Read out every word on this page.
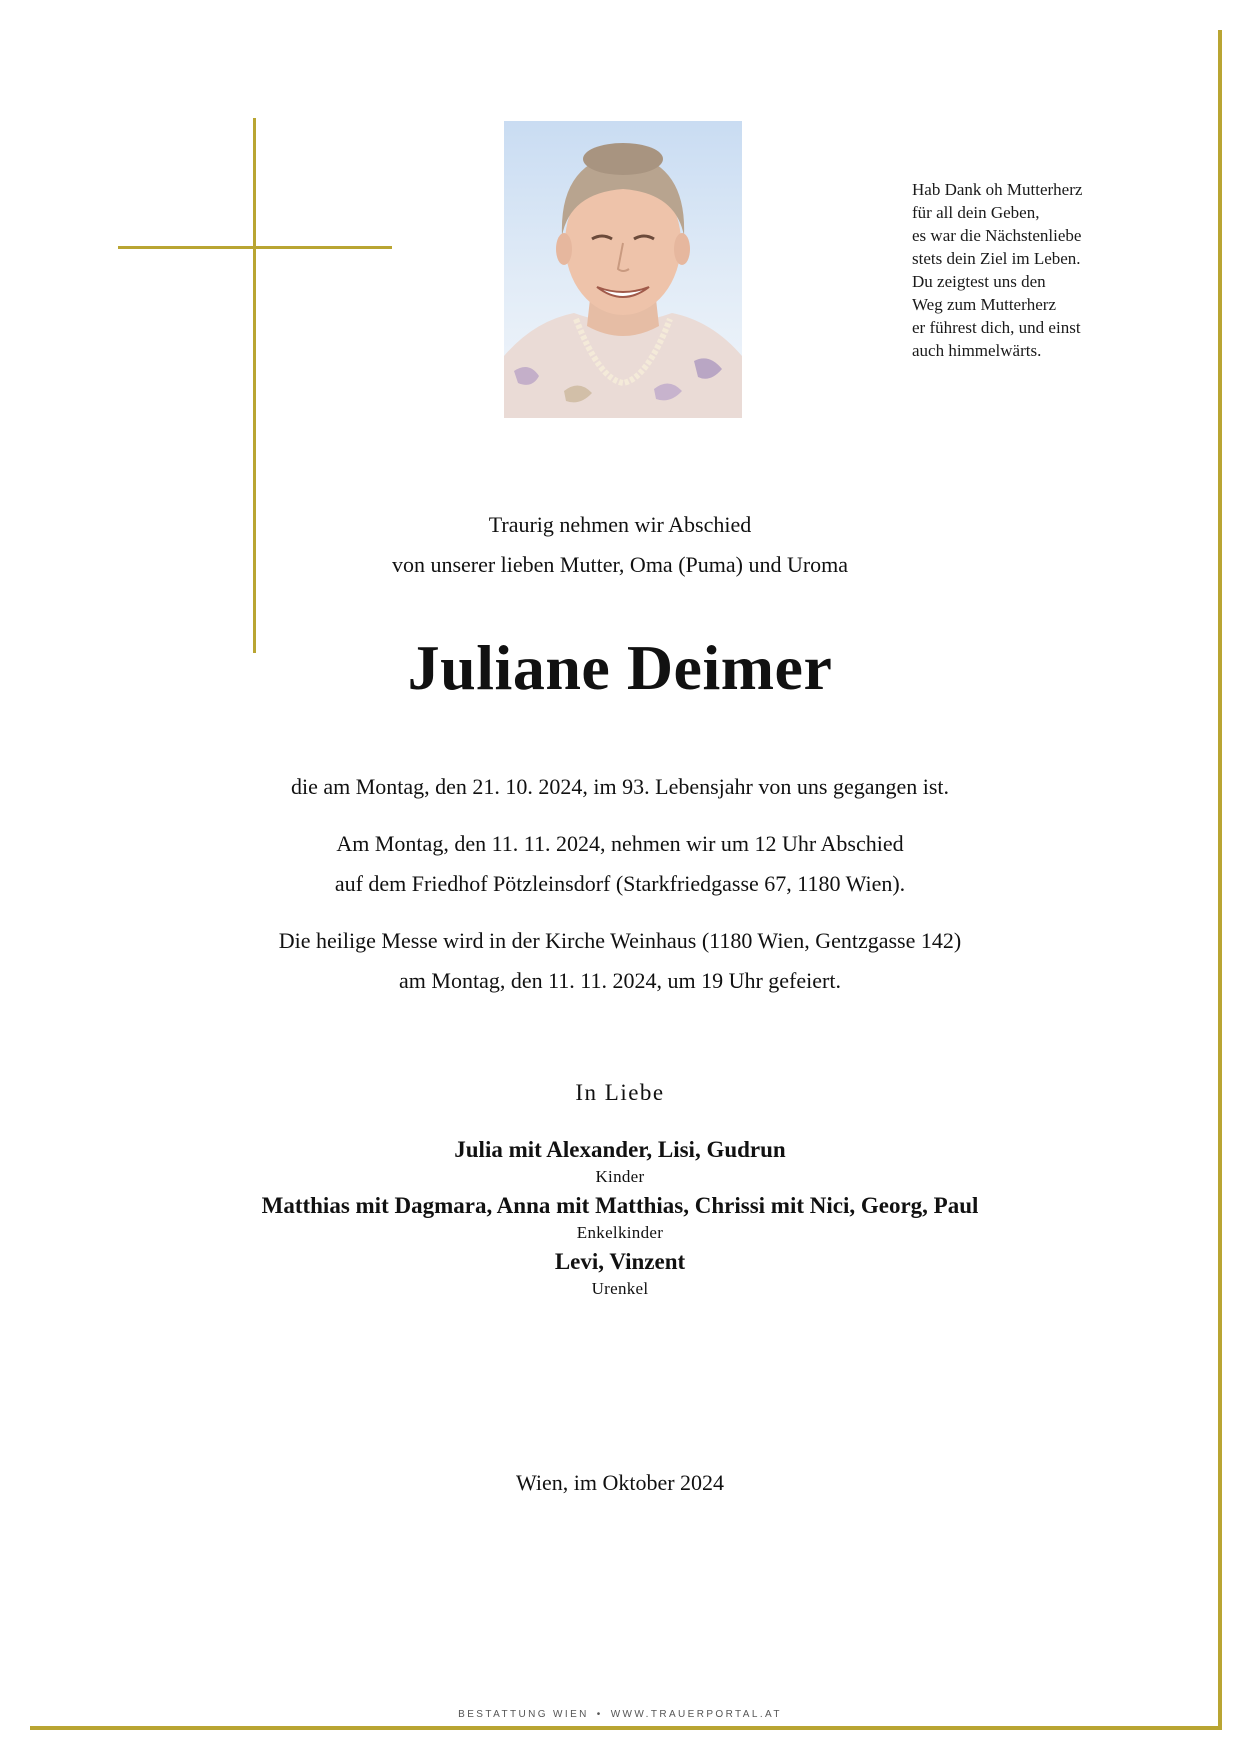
Hab Dank oh Mutterherz
für all dein Geben,
es war die Nächstenliebe
stets dein Ziel im Leben.
Du zeigtest uns den
Weg zum Mutterherz
er führest dich, und einst
auch himmelwärts.
Traurig nehmen wir Abschied
von unserer lieben Mutter, Oma (Puma) und Uroma
Juliane Deimer
die am Montag, den 21. 10. 2024, im 93. Lebensjahr von uns gegangen ist.
Am Montag, den 11. 11. 2024, nehmen wir um 12 Uhr Abschied
auf dem Friedhof Pötzleinsdorf (Starkfriedgasse 67, 1180 Wien).
Die heilige Messe wird in der Kirche Weinhaus (1180 Wien, Gentzgasse 142)
am Montag, den 11. 11. 2024, um 19 Uhr gefeiert.
In Liebe
Julia mit Alexander, Lisi, Gudrun
Kinder
Matthias mit Dagmara, Anna mit Matthias, Chrissi mit Nici, Georg, Paul
Enkelkinder
Levi, Vinzent
Urenkel
Wien, im Oktober 2024
BESTATTUNG WIEN • WWW.TRAUERPORTAL.AT
